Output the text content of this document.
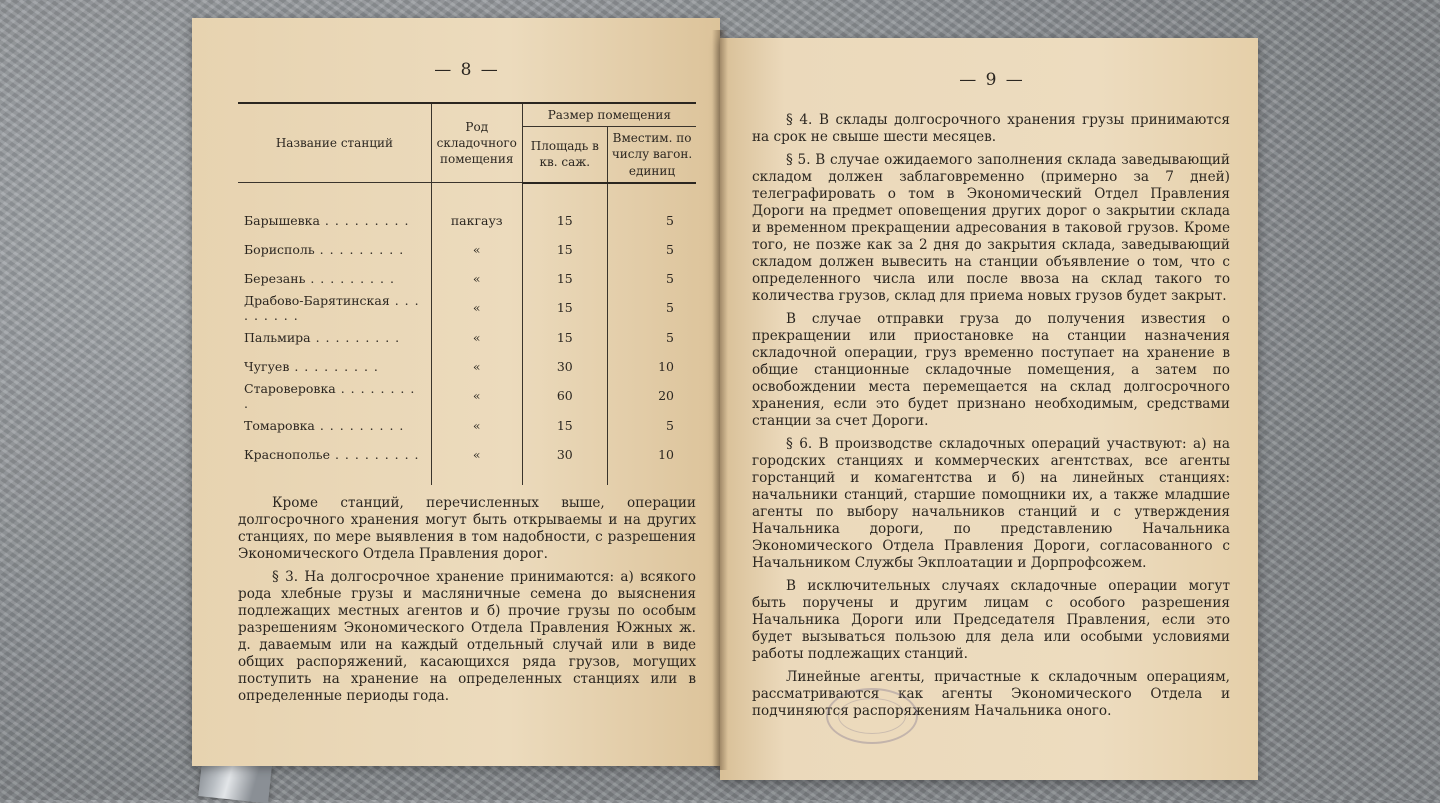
— 8 —
Название станций	Род складочного помещения	Размер помещения	
		Площадь в кв. саж.	Вместим. по числу вагон. единиц
Барышевка . . .	пакгауз	15	5
Борисполь . . .	«	15	5
Березань . . .	«	15	5
Драбово-Барятинская . . .	«	15	5
Пальмира . . .	«	15	5
Чугуев . . .	«	30	10
Староверовка . . .	«	60	20
Томаровка . . .	«	15	5
Краснополье . . .	«	30	10

Кроме станций, перечисленных выше, операции долгосрочного хранения могут быть открываемы и на других станциях, по мере выявления в том надобности, с разрешения Экономического Отдела Правления дорог.

§ 3. На долгосрочное хранение принимаются: а) всякого рода хлебные грузы и масляничные семена до выяснения подлежащих местных агентов и б) прочие грузы по особым разрешениям Экономического Отдела Правления Южных ж. д. даваемым или на каждый отдельный случай или в виде общих распоряжений, касающихся ряда грузов, могущих поступить на хранение на определенных станциях или в определенные периоды года.

— 9 —

§ 4. В склады долгосрочного хранения грузы принимаются на срок не свыше шести месяцев.

§ 5. В случае ожидаемого заполнения склада заведывающий складом должен заблаговременно (примерно за 7 дней) телеграфировать о том в Экономический Отдел Правления Дороги на предмет оповещения других дорог о закрытии склада и временном прекращении адресования в таковой грузов. Кроме того, не позже как за 2 дня до закрытия склада, заведывающий складом должен вывесить на станции объявление о том, что с определенного числа или после ввоза на склад такого то количества грузов, склад для приема новых грузов будет закрыт.

В случае отправки груза до получения известия о прекращении или приостановке на станции назначения складочной операции, груз временно поступает на хранение в общие станционные складочные помещения, а затем по освобождении места перемещается на склад долгосрочного хранения, если это будет признано необходимым, средствами станции за счет Дороги.

§ 6. В производстве складочных операций участвуют: а) на городских станциях и коммерческих агентствах, все агенты горстанций и комагентства и б) на линейных станциях: начальники станций, старшие помощники их, а также младшие агенты по выбору начальников станций и с утверждения Начальника дороги, по представлению Начальника Экономического Отдела Правления Дороги, согласованного с Начальником Службы Экплоатации и Дорпрофсожем.

В исключительных случаях складочные операции могут быть поручены и другим лицам с особого разрешения Начальника Дороги или Председателя Правления, если это будет вызываться пользою для дела или особыми условиями работы подлежащих станций.

Линейные агенты, причастные к складочным операциям, рассматриваются как агенты Экономического Отдела и подчиняются распоряжениям Начальника оного.
